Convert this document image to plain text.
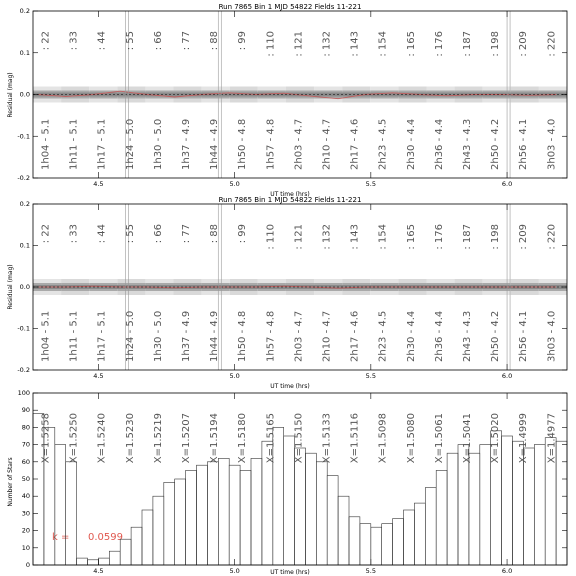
Run 7865 Bin 1 MJD 54822 Fields 11-221
Residual (mag)
UT time (hrs)
4.5	5.0	5.5	6.0
-0.2
-0.1
0.0
0.1
0.2
: 22
1h04 - 5.1
: 33
1h11 - 5.1
: 44
1h17 - 5.1
: 55
1h24 - 5.0
: 66
1h30 - 5.0
: 77
1h37 - 4.9
: 88
1h44 - 4.9
: 99
1h50 - 4.8
: 110
1h57 - 4.8
: 121
2h03 - 4.7
: 132
2h10 - 4.7
: 143
2h17 - 4.6
: 154
2h23 - 4.5
: 165
2h30 - 4.4
: 176
2h36 - 4.4
: 187
2h43 - 4.3
: 198
2h50 - 4.2
: 209
2h56 - 4.1
: 220
3h03 - 4.0
Run 7865 Bin 1 MJD 54822 Fields 11-221
Residual (mag)
UT time (hrs)
4.5	5.0	5.5	6.0
-0.2
-0.1
0.0
0.1
0.2
: 22
1h04 - 5.1
: 33
1h11 - 5.1
: 44
1h17 - 5.1
: 55
1h24 - 5.0
: 66
1h30 - 5.0
: 77
1h37 - 4.9
: 88
1h44 - 4.9
: 99
1h50 - 4.8
: 110
1h57 - 4.8
: 121
2h03 - 4.7
: 132
2h10 - 4.7
: 143
2h17 - 4.6
: 154
2h23 - 4.5
: 165
2h30 - 4.4
: 176
2h36 - 4.4
: 187
2h43 - 4.3
: 198
2h50 - 4.2
: 209
2h56 - 4.1
: 220
3h03 - 4.0
Number of Stars
UT time (hrs)
k = 0.0599
4.5	5.0	5.5	6.0
0
10
20
30
40
50
60
70
80
90
100
X=1.5258 X=1.5250 X=1.5240 X=1.5230 X=1.5219 X=1.5207 X=1.5194 X=1.5180 X=1.5165 X=1.5150 X=1.5133 X=1.5116 X=1.5098 X=1.5080 X=1.5061 X=1.5041 X=1.5020 X=1.4999 X=1.4977
